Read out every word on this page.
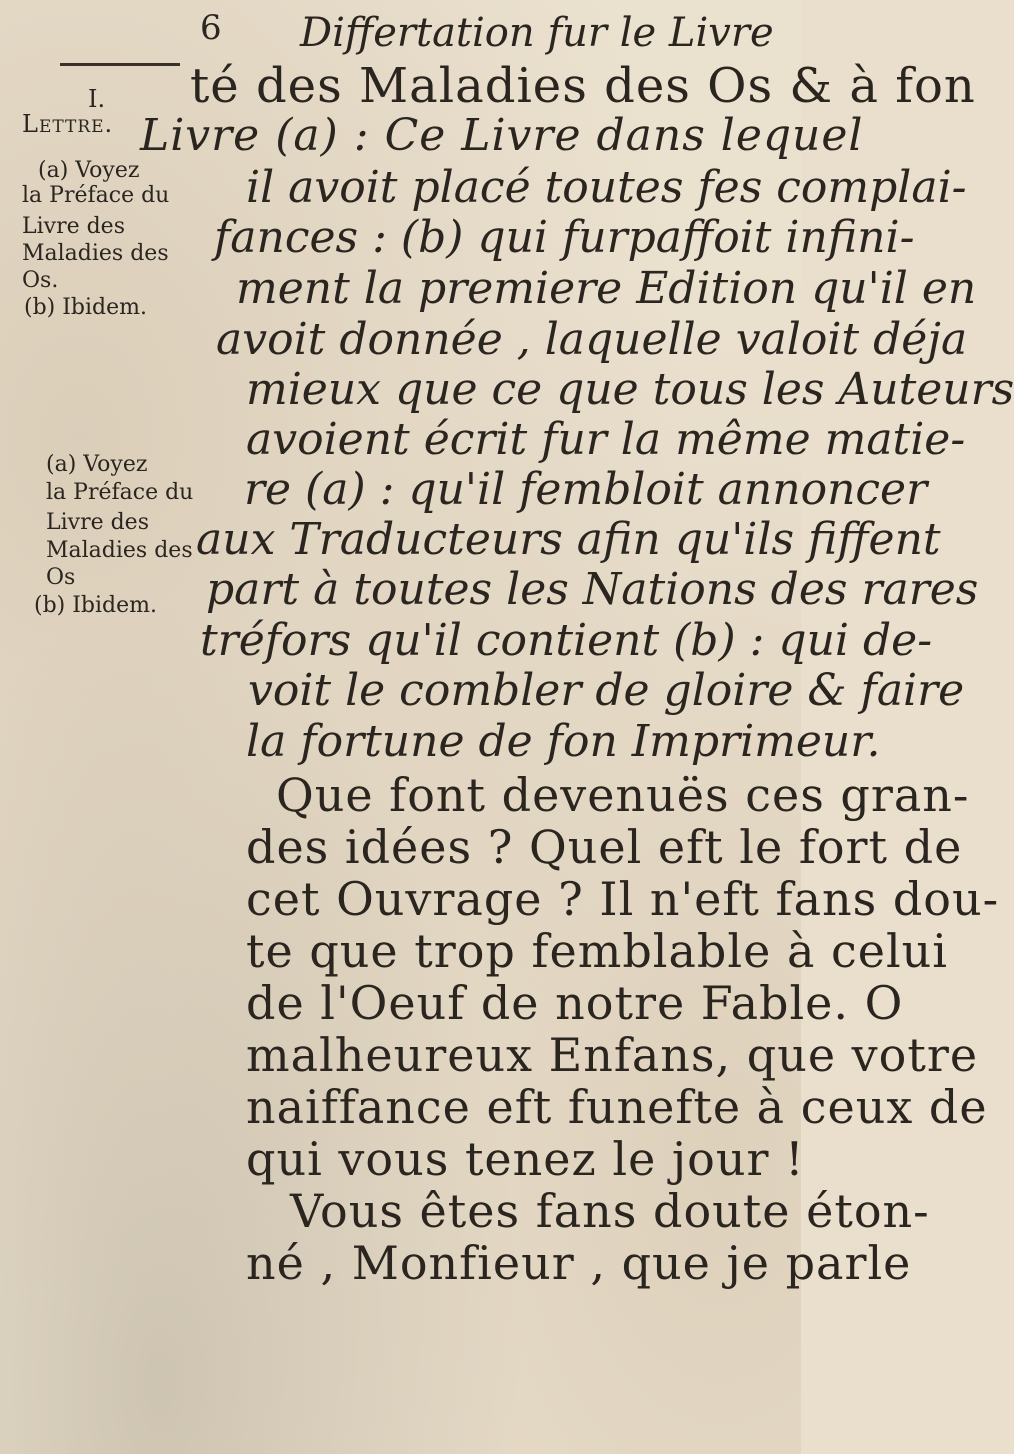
6 Differtation fur le Livre
I.
Lettre.
(a) Voyez
la Préface du
Livre des
Maladies des
Os.
(b) Ibidem.
(a) Voyez
la Préface du
Livre des
Maladies des
Os
(b) Ibidem.
té des Maladies des Os & à fon
Livre (a) : Ce Livre dans lequel
il avoit placé toutes fes complai-
fances : (b) qui furpaffoit infini-
ment la premiere Edition qu'il en
avoit donnée , laquelle valoit déja
mieux que ce que tous les Auteurs
avoient écrit fur la même matie-
re (a) : qu'il fembloit annoncer
aux Traducteurs afin qu'ils fiffent
part à toutes les Nations des rares
tréfors qu'il contient (b) : qui de-
voit le combler de gloire & faire
la fortune de fon Imprimeur.
Que font devenuës ces gran-
des idées ? Quel eft le fort de
cet Ouvrage ? Il n'eft fans dou-
te que trop femblable à celui
de l'Oeuf de notre Fable. O
malheureux Enfans, que votre
naiffance eft funefte à ceux de
qui vous tenez le jour !
Vous êtes fans doute éton-
né , Monfieur , que je parle
